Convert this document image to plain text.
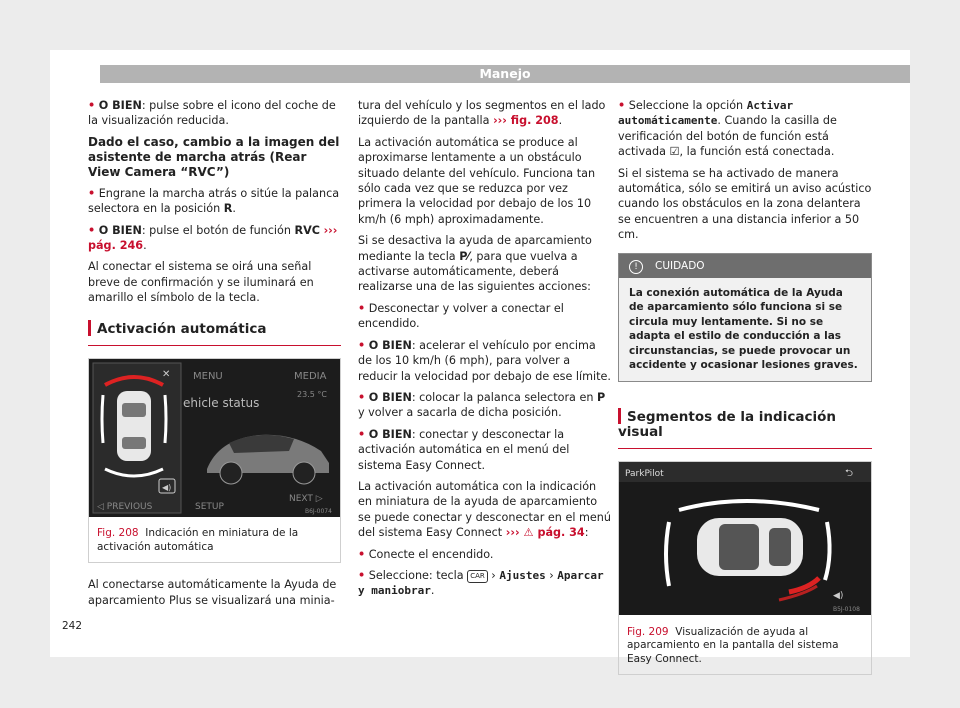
Manejo

• O BIEN: pulse sobre el icono del coche de la visualización reducida.

Dado el caso, cambio a la imagen del asistente de marcha atrás (Rear View Camera “RVC”)

• Engrane la marcha atrás o sitúe la palanca selectora en la posición R.

• O BIEN: pulse el botón de función RVC ››› pág. 246.

Al conectar el sistema se oirá una señal breve de confirmación y se iluminará en amarillo el símbolo de la tecla.

Activación automática
✕
◀)
MENU	MEDIA
ehicle status
23.5 °C
◁ PREVIOUS	SETUP
NEXT ▷
B6J-0074
Fig. 208 Indicación en miniatura de la activación automática

Al conectarse automáticamente la Ayuda de aparcamiento Plus se visualizará una minia-

tura del vehículo y los segmentos en el lado izquierdo de la pantalla ››› fig. 208.

La activación automática se produce al aproximarse lentamente a un obstáculo situado delante del vehículo. Funciona tan sólo cada vez que se reduzca por vez primera la velocidad por debajo de los 10 km/h (6 mph) aproximadamente.

Si se desactiva la ayuda de aparcamiento mediante la tecla P⁄, para que vuelva a activarse automáticamente, deberá realizarse una de las siguientes acciones:

• Desconectar y volver a conectar el encendido.

• O BIEN: acelerar el vehículo por encima de los 10 km/h (6 mph), para volver a reducir la velocidad por debajo de ese límite.

• O BIEN: colocar la palanca selectora en P y volver a sacarla de dicha posición.

• O BIEN: conectar y desconectar la activación automática en el menú del sistema Easy Connect.

La activación automática con la indicación en miniatura de la ayuda de aparcamiento se puede conectar y desconectar en el menú del sistema Easy Connect ››› ⚠ pág. 34:

• Conecte el encendido.

• Seleccione: tecla CAR › Ajustes › Aparcar y maniobrar.

• Seleccione la opción Activar automáticamente. Cuando la casilla de verificación del botón de función está activada ☑, la función está conectada.

Si el sistema se ha activado de manera automática, sólo se emitirá un aviso acústico cuando los obstáculos en la zona delantera se encuentren a una distancia inferior a 50 cm.

! CUIDADO
La conexión automática de la Ayuda de aparcamiento sólo funciona si se circula muy lentamente. Si no se adapta el estilo de conducción a las circunstancias, se puede provocar un accidente y ocasionar lesiones graves.
Segmentos de la indicación visual
ParkPilot	⮌
◀)
B5J-0108
Fig. 209 Visualización de ayuda al aparcamiento en la pantalla del sistema Easy Connect.
242
